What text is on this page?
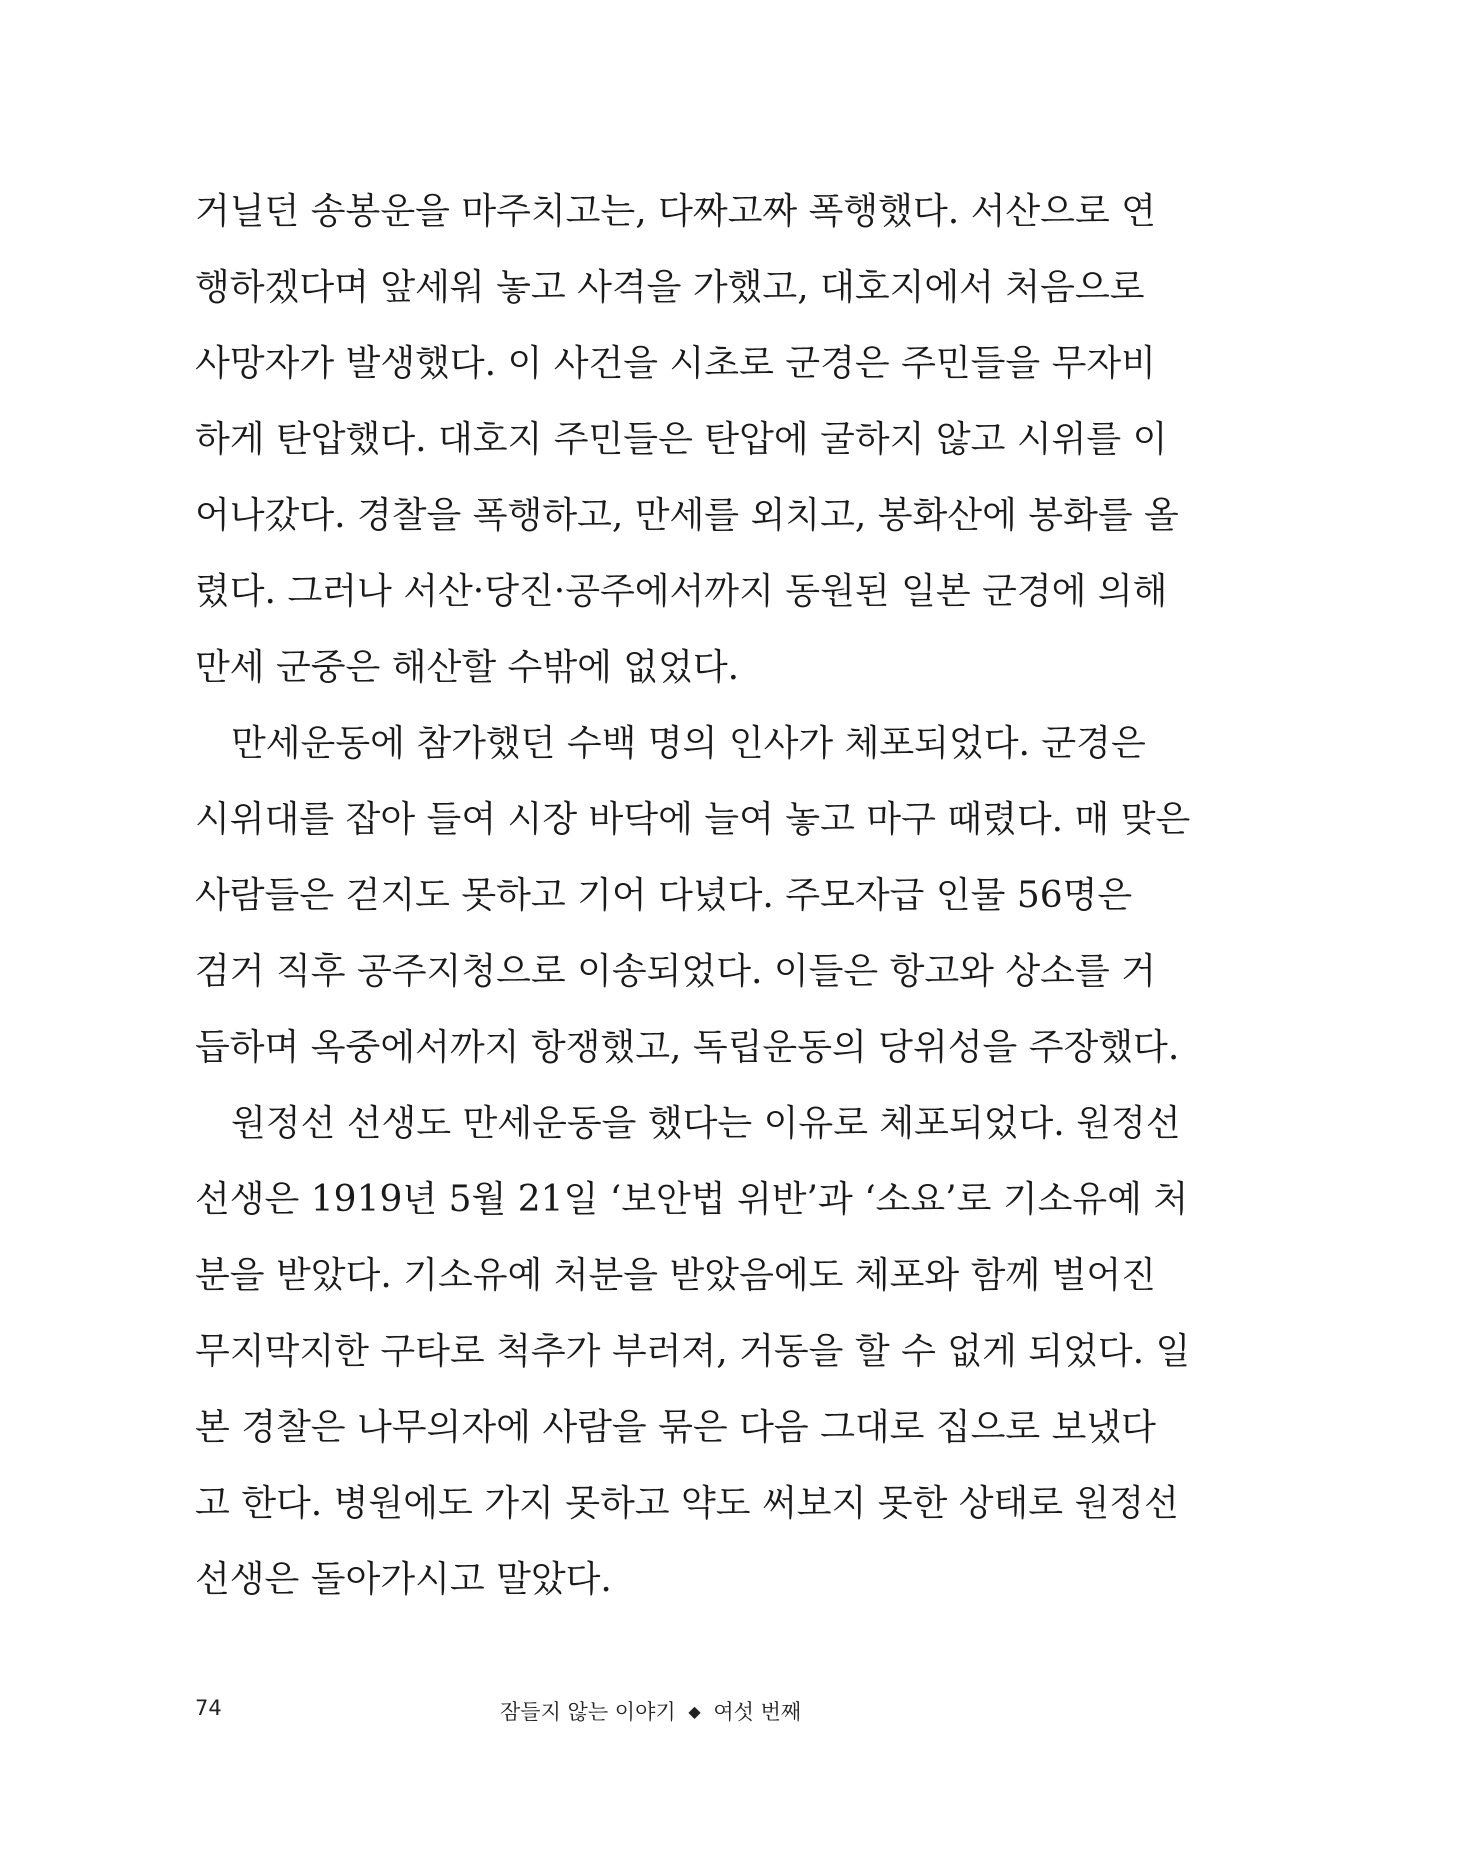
거닐던 송봉운을 마주치고는, 다짜고짜 폭행했다. 서산으로 연
행하겠다며 앞세워 놓고 사격을 가했고, 대호지에서 처음으로
사망자가 발생했다. 이 사건을 시초로 군경은 주민들을 무자비
하게 탄압했다. 대호지 주민들은 탄압에 굴하지 않고 시위를 이
어나갔다. 경찰을 폭행하고, 만세를 외치고, 봉화산에 봉화를 올
렸다. 그러나 서산·당진·공주에서까지 동원된 일본 군경에 의해
만세 군중은 해산할 수밖에 없었다.
만세운동에 참가했던 수백 명의 인사가 체포되었다. 군경은
시위대를 잡아 들여 시장 바닥에 늘여 놓고 마구 때렸다. 매 맞은
사람들은 걷지도 못하고 기어 다녔다. 주모자급 인물 56명은
검거 직후 공주지청으로 이송되었다. 이들은 항고와 상소를 거
듭하며 옥중에서까지 항쟁했고, 독립운동의 당위성을 주장했다.
원정선 선생도 만세운동을 했다는 이유로 체포되었다. 원정선
선생은 1919년 5월 21일 ‘보안법 위반’과 ‘소요’로 기소유예 처
분을 받았다. 기소유예 처분을 받았음에도 체포와 함께 벌어진
무지막지한 구타로 척추가 부러져, 거동을 할 수 없게 되었다. 일
본 경찰은 나무의자에 사람을 묶은 다음 그대로 집으로 보냈다
고 한다. 병원에도 가지 못하고 약도 써보지 못한 상태로 원정선
선생은 돌아가시고 말았다.
74	잠들지 않는 이야기 ◆ 여섯 번째
